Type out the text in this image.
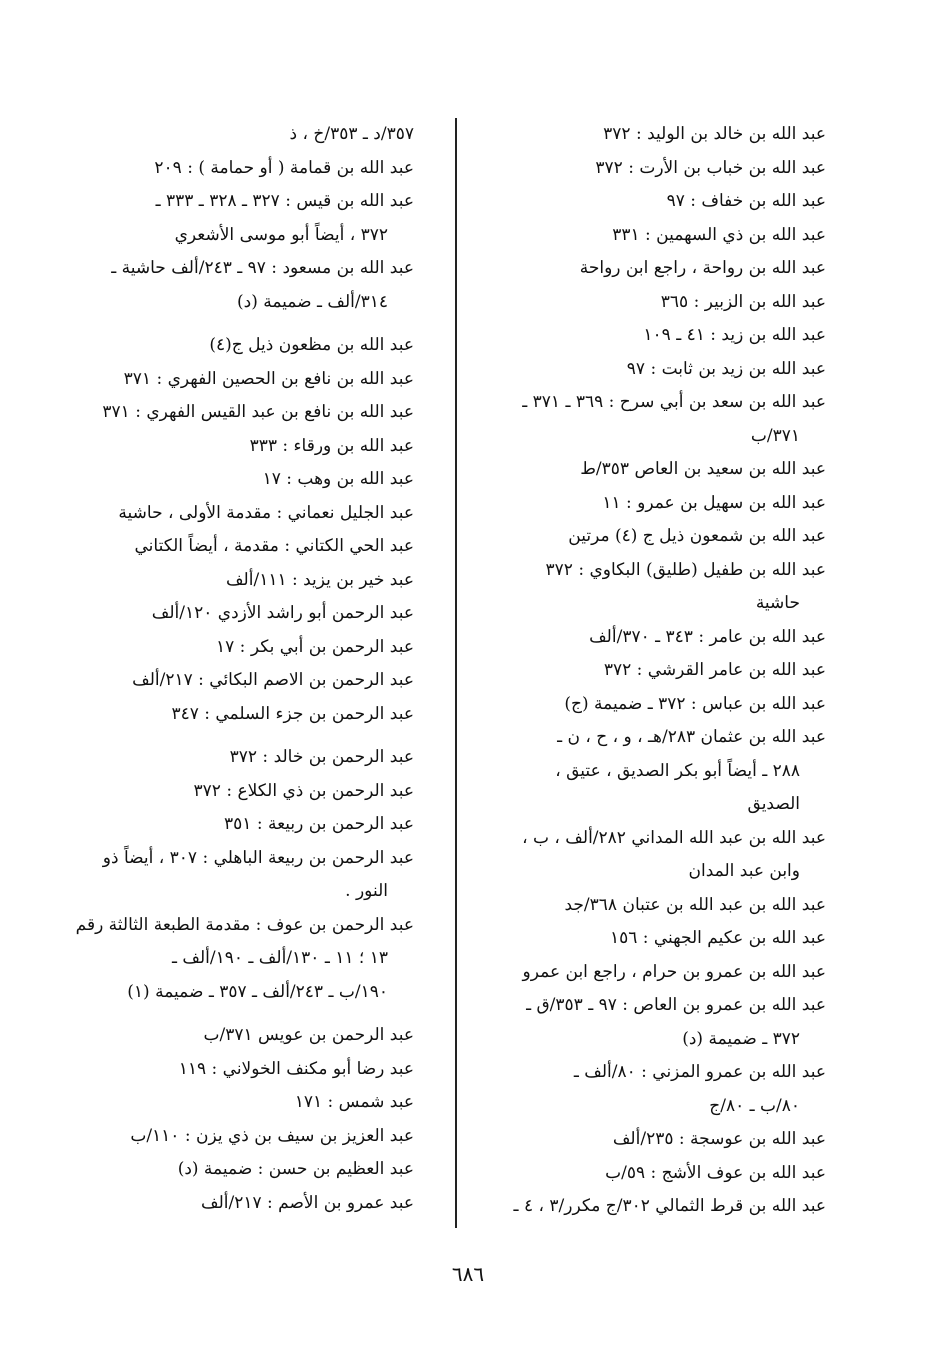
عبد الله بن خالد بن الوليد : ٣٧٢
عبد الله بن خباب بن الأرت : ٣٧٢
عبد الله بن خفاف : ٩٧
عبد الله بن ذي السهمين : ٣٣١
عبد الله بن رواحة ، راجع ابن رواحة
عبد الله بن الزبير : ٣٦٥
عبد الله بن زيد : ٤١ ـ ١٠٩
عبد الله بن زيد بن ثابت : ٩٧
عبد الله بن سعد بن أبي سرح : ٣٦٩ ـ ٣٧١ ـ
٣٧١/ب
عبد الله بن سعيد بن العاص ٣٥٣/ط
عبد الله بن سهيل بن عمرو : ١١
عبد الله بن شمعون ذيل ج (٤) مرتين
عبد الله بن طفيل (طليق) البكاوي : ٣٧٢
حاشية
عبد الله بن عامر : ٣٤٣ ـ ٣٧٠/ألف
عبد الله بن عامر القرشي : ٣٧٢
عبد الله بن عباس : ٣٧٢ ـ ضميمة (ج)
عبد الله بن عثمان ٢٨٣/هـ ، و ، ح ، ن ـ
٢٨٨ ـ أيضاً أبو بكر الصديق ، عتيق ،
الصديق
عبد الله بن عبد الله المداني ٢٨٢/ألف ، ب ،
وابن عبد المدان
عبد الله بن عبد الله بن عتبان ٣٦٨/جد
عبد الله بن عكيم الجهني : ١٥٦
عبد الله بن عمرو بن حرام ، راجع ابن عمرو
عبد الله بن عمرو بن العاص : ٩٧ ـ ٣٥٣/ق ـ
٣٧٢ ـ ضميمة (د)
عبد الله بن عمرو المزني : ٨٠/ألف ـ
٨٠/ب ـ ٨٠/ج
عبد الله بن عوسجة : ٢٣٥/ألف
عبد الله بن عوف الأشج : ٥٩/ب
عبد الله بن قرط الثمالي ٣٠٢/ج مكرر/٣ ، ٤ ـ
٣٥٧/د ـ ٣٥٣/خ ، ذ
عبد الله بن قمامة ( أو حمامة ) : ٢٠٩
عبد الله بن قيس : ٣٢٧ ـ ٣٢٨ ـ ٣٣٣ ـ
٣٧٢ ، أيضاً أبو موسى الأشعري
عبد الله بن مسعود : ٩٧ ـ ٢٤٣/ألف حاشية ـ
٣١٤/ألف ـ ضميمة (د)
عبد الله بن مظعون ذيل ج(٤)
عبد الله بن نافع بن الحصين الفهري : ٣٧١
عبد الله بن نافع بن عبد القيس الفهري : ٣٧١
عبد الله بن ورقاء : ٣٣٣
عبد الله بن وهب : ١٧
عبد الجليل نعماني : مقدمة الأولى ، حاشية
عبد الحي الكتاني : مقدمة ، أيضاً الكتاني
عبد خير بن يزيد : ١١١/ألف
عبد الرحمن أبو راشد الأزدي ١٢٠/ألف
عبد الرحمن بن أبي بكر : ١٧
عبد الرحمن بن الاصم البكائي : ٢١٧/ألف
عبد الرحمن بن جزء السلمي : ٣٤٧
عبد الرحمن بن خالد : ٣٧٢
عبد الرحمن بن ذي الكلاع : ٣٧٢
عبد الرحمن بن ربيعة : ٣٥١
عبد الرحمن بن ربيعة الباهلي : ٣٠٧ ، أيضاً ذو
النور .
عبد الرحمن بن عوف : مقدمة الطبعة الثالثة رقم
١٣ ؛ ١١ ـ ١٣٠/ألف ـ ١٩٠/ألف ـ
١٩٠/ب ـ ٢٤٣/ألف ـ ٣٥٧ ـ ضميمة (١)
عبد الرحمن بن عويس ٣٧١/ب
عبد رضا أبو مكنف الخولاني : ١١٩
عبد شمس : ١٧١
عبد العزيز بن سيف بن ذي يزن : ١١٠/ب
عبد العظيم بن حسن : ضميمة (د)
عبد عمرو بن الأصم : ٢١٧/ألف
٦٨٦
